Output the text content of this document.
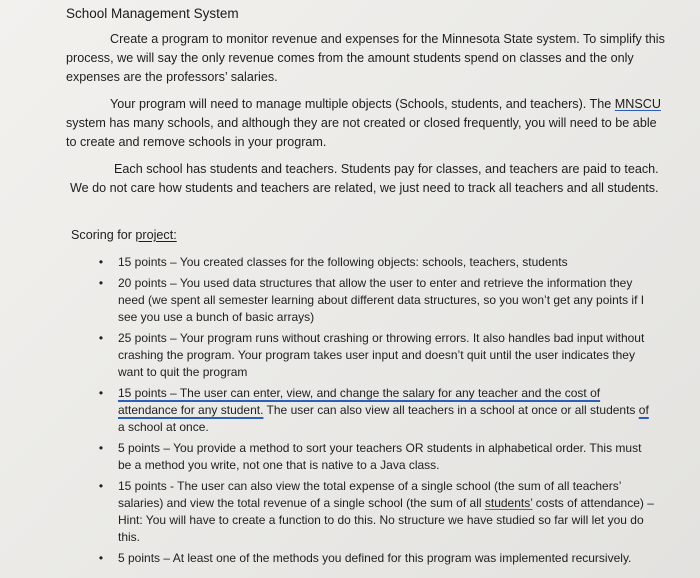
School Management System

Create a program to monitor revenue and expenses for the Minnesota State system. To simplify this process, we will say the only revenue comes from the amount students spend on classes and the only expenses are the professors’ salaries.

Your program will need to manage multiple objects (Schools, students, and teachers). The MNSCU system has many schools, and although they are not created or closed frequently, you will need to be able to create and remove schools in your program.

Each school has students and teachers. Students pay for classes, and teachers are paid to teach. We do not care how students and teachers are related, we just need to track all teachers and all students.

Scoring for project:
•	15 points – You created classes for the following objects: schools, teachers, students
•	20 points – You used data structures that allow the user to enter and retrieve the information they need (we spent all semester learning about different data structures, so you won’t get any points if I see you use a bunch of basic arrays)
•	25 points – Your program runs without crashing or throwing errors. It also handles bad input without crashing the program. Your program takes user input and doesn’t quit until the user indicates they want to quit the program
•	15 points – The user can enter, view, and change the salary for any teacher and the cost of attendance for any student. The user can also view all teachers in a school at once or all students of a school at once.
•	5 points – You provide a method to sort your teachers OR students in alphabetical order. This must be a method you write, not one that is native to a Java class.
•	15 points - The user can also view the total expense of a single school (the sum of all teachers’ salaries) and view the total revenue of a single school (the sum of all students’ costs of attendance) – Hint: You will have to create a function to do this. No structure we have studied so far will let you do this.
•	5 points – At least one of the methods you defined for this program was implemented recursively.
